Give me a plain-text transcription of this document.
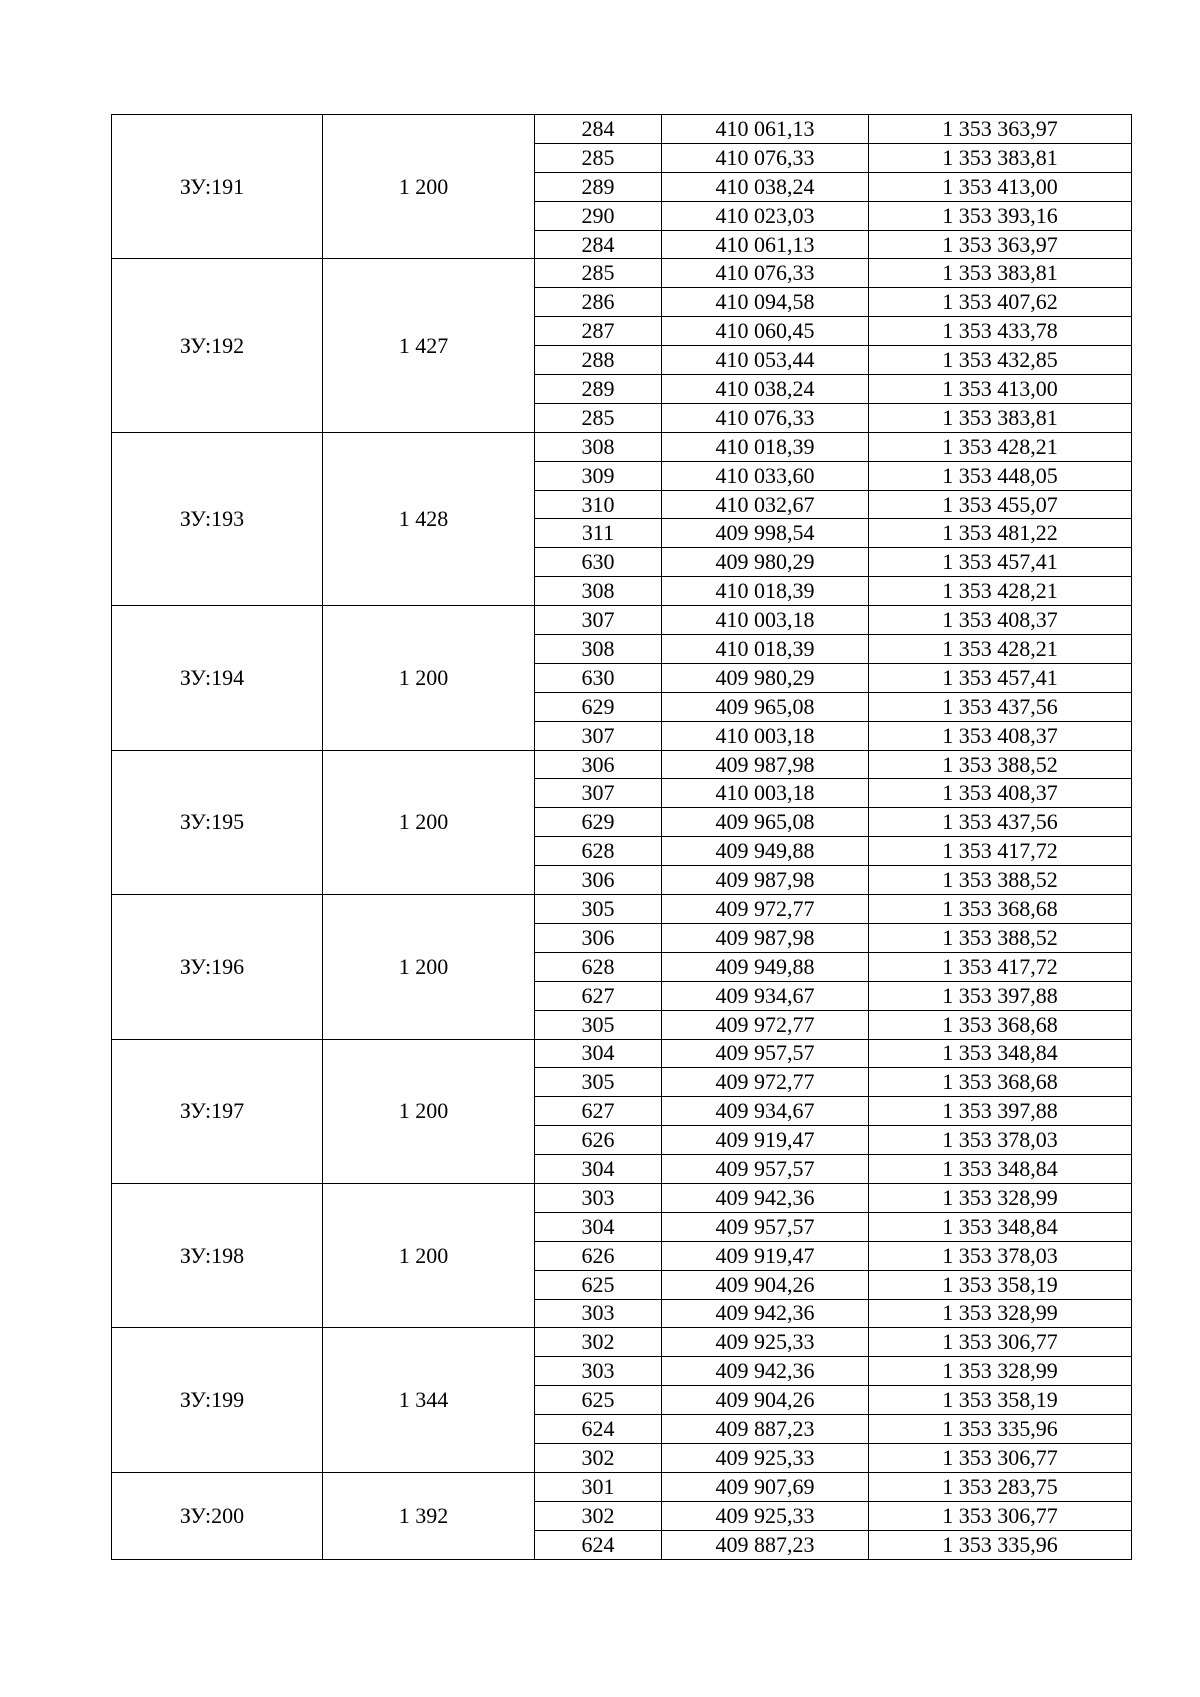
ЗУ:191	1 200	284	410 061,13	1 353 363,97
		285	410 076,33	1 353 383,81
		289	410 038,24	1 353 413,00
		290	410 023,03	1 353 393,16
		284	410 061,13	1 353 363,97
ЗУ:192	1 427	285	410 076,33	1 353 383,81
		286	410 094,58	1 353 407,62
		287	410 060,45	1 353 433,78
		288	410 053,44	1 353 432,85
		289	410 038,24	1 353 413,00
		285	410 076,33	1 353 383,81
ЗУ:193	1 428	308	410 018,39	1 353 428,21
		309	410 033,60	1 353 448,05
		310	410 032,67	1 353 455,07
		311	409 998,54	1 353 481,22
		630	409 980,29	1 353 457,41
		308	410 018,39	1 353 428,21
ЗУ:194	1 200	307	410 003,18	1 353 408,37
		308	410 018,39	1 353 428,21
		630	409 980,29	1 353 457,41
		629	409 965,08	1 353 437,56
		307	410 003,18	1 353 408,37
ЗУ:195	1 200	306	409 987,98	1 353 388,52
		307	410 003,18	1 353 408,37
		629	409 965,08	1 353 437,56
		628	409 949,88	1 353 417,72
		306	409 987,98	1 353 388,52
ЗУ:196	1 200	305	409 972,77	1 353 368,68
		306	409 987,98	1 353 388,52
		628	409 949,88	1 353 417,72
		627	409 934,67	1 353 397,88
		305	409 972,77	1 353 368,68
ЗУ:197	1 200	304	409 957,57	1 353 348,84
		305	409 972,77	1 353 368,68
		627	409 934,67	1 353 397,88
		626	409 919,47	1 353 378,03
		304	409 957,57	1 353 348,84
ЗУ:198	1 200	303	409 942,36	1 353 328,99
		304	409 957,57	1 353 348,84
		626	409 919,47	1 353 378,03
		625	409 904,26	1 353 358,19
		303	409 942,36	1 353 328,99
ЗУ:199	1 344	302	409 925,33	1 353 306,77
		303	409 942,36	1 353 328,99
		625	409 904,26	1 353 358,19
		624	409 887,23	1 353 335,96
		302	409 925,33	1 353 306,77
ЗУ:200	1 392	301	409 907,69	1 353 283,75
		302	409 925,33	1 353 306,77
		624	409 887,23	1 353 335,96
